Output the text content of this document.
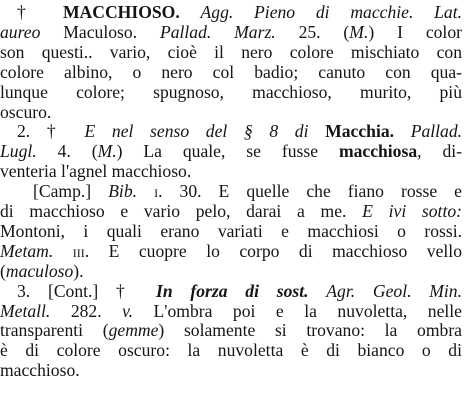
† MACCHIOSO. Agg. Pieno di macchie. Lat.
aureo Maculoso. Pallad. Marz. 25. (M.) I color
son questi.. vario, cioè il nero colore mischiato con
colore albino, o nero col badio; canuto con qua-
lunque colore; spugnoso, macchioso, murito, più
oscuro.
2. † E nel senso del § 8 di Macchia. Pallad.
Lugl. 4. (M.) La quale, se fusse macchiosa, di-
venteria l'agnel macchioso.
[Camp.] Bib. i. 30. E quelle che fiano rosse e
di macchioso e vario pelo, darai a me. E ivi sotto:
Montoni, i quali erano variati e macchiosi o rossi.
Metam. iii. E cuopre lo corpo di macchioso vello
(maculoso).
3. [Cont.] † In forza di sost. Agr. Geol. Min.
Metall. 282. v. L'ombra poi e la nuvoletta, nelle
transparenti (gemme) solamente si trovano: la ombra
è di colore oscuro: la nuvoletta è di bianco o di
macchioso.
